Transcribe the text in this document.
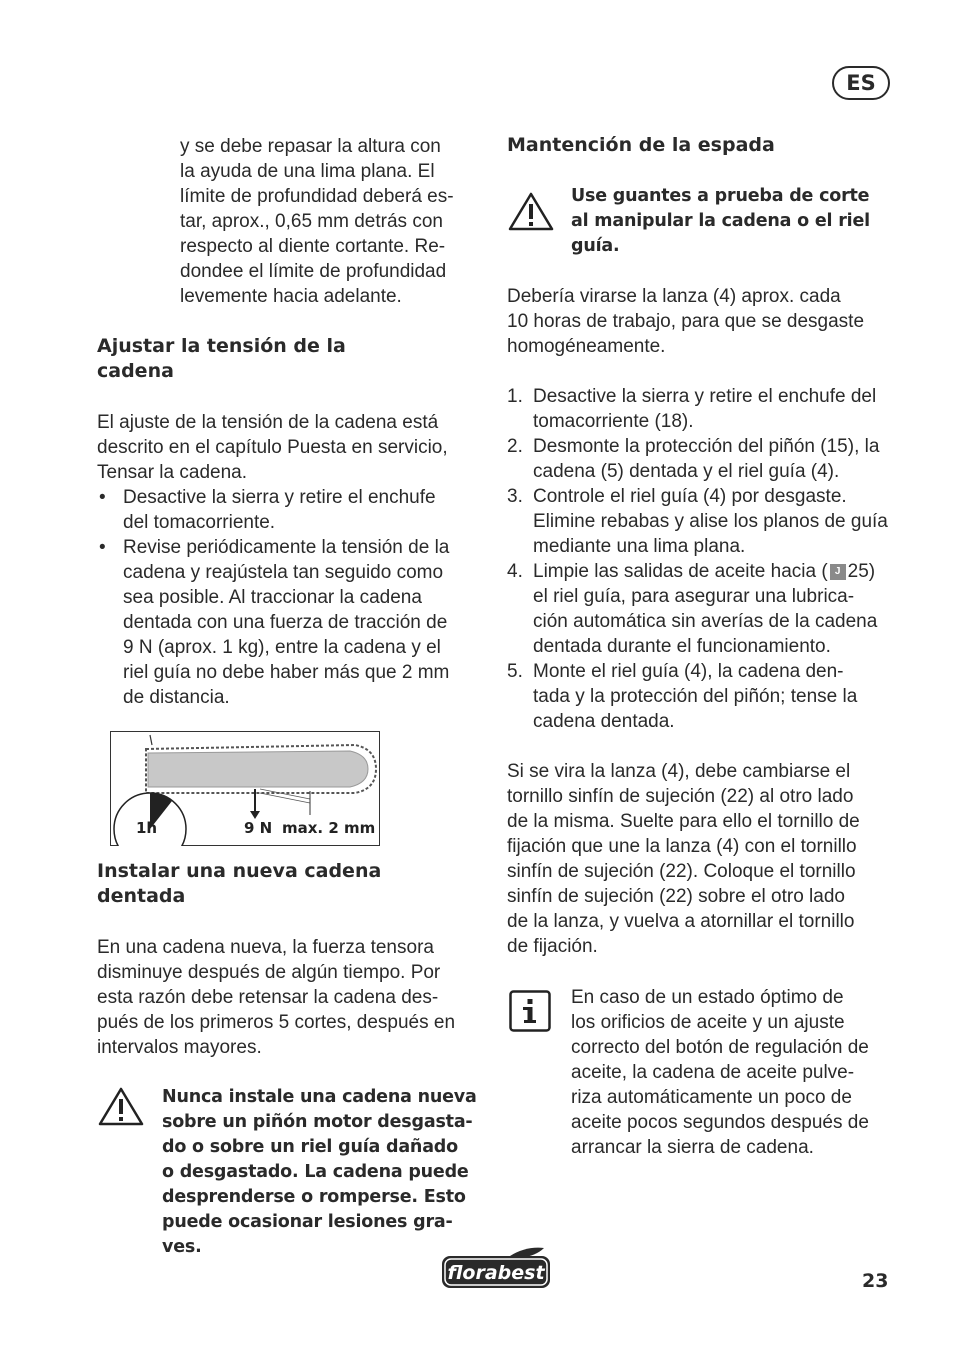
ES
y se debe repasar la altura con
la ayuda de una lima plana. El
límite de profundidad deberá es-
tar, aprox., 0,65 mm detrás con
respecto al diente cortante. Re-
dondee el límite de profundidad
levemente hacia adelante.
Ajustar la tensión de la
cadena
El ajuste de la tensión de la cadena está
descrito en el capítulo Puesta en servicio,
Tensar la cadena.
• Desactive la sierra y retire el enchufe
del tomacorriente.
• Revise periódicamente la tensión de la
cadena y reajústela tan seguido como
sea posible. Al traccionar la cadena
dentada con una fuerza de tracción de
9 N (aprox. 1 kg), entre la cadena y el
riel guía no debe haber más que 2 mm
de distancia.
1h	9 N max. 2 mm
Instalar una nueva cadena
dentada
En una cadena nueva, la fuerza tensora
disminuye después de algún tiempo. Por
esta razón debe retensar la cadena des-
pués de los primeros 5 cortes, después en
intervalos mayores.
Nunca instale una cadena nueva
sobre un piñón motor desgasta-
do o sobre un riel guía dañado
o desgastado. La cadena puede
desprenderse o romperse. Esto
puede ocasionar lesiones gra-
ves.
Mantención de la espada
Use guantes a prueba de corte
al manipular la cadena o el riel
guía.
Debería virarse la lanza (4) aprox. cada
10 horas de trabajo, para que se desgaste
homogéneamente.
1. Desactive la sierra y retire el enchufe del
tomacorriente (18).
2. Desmonte la protección del piñón (15), la
cadena (5) dentada y el riel guía (4).
3. Controle el riel guía (4) por desgaste.
Elimine rebabas y alise los planos de guía
mediante una lima plana.
4. Limpie las salidas de aceite hacia ( J 25)
el riel guía, para asegurar una lubrica-
ción automática sin averías de la cadena
dentada durante el funcionamiento.
5. Monte el riel guía (4), la cadena den-
tada y la protección del piñón; tense la
cadena dentada.
Si se vira la lanza (4), debe cambiarse el
tornillo sinfín de sujeción (22) al otro lado
de la misma. Suelte para ello el tornillo de
fijación que une la lanza (4) con el tornillo
sinfín de sujeción (22). Coloque el tornillo
sinfín de sujeción (22) sobre el otro lado
de la lanza, y vuelva a atornillar el tornillo
de fijación.
En caso de un estado óptimo de
los orificios de aceite y un ajuste
correcto del botón de regulación de
aceite, la cadena de aceite pulve-
riza automáticamente un poco de
aceite pocos segundos después de
arrancar la sierra de cadena.
florabest	23
